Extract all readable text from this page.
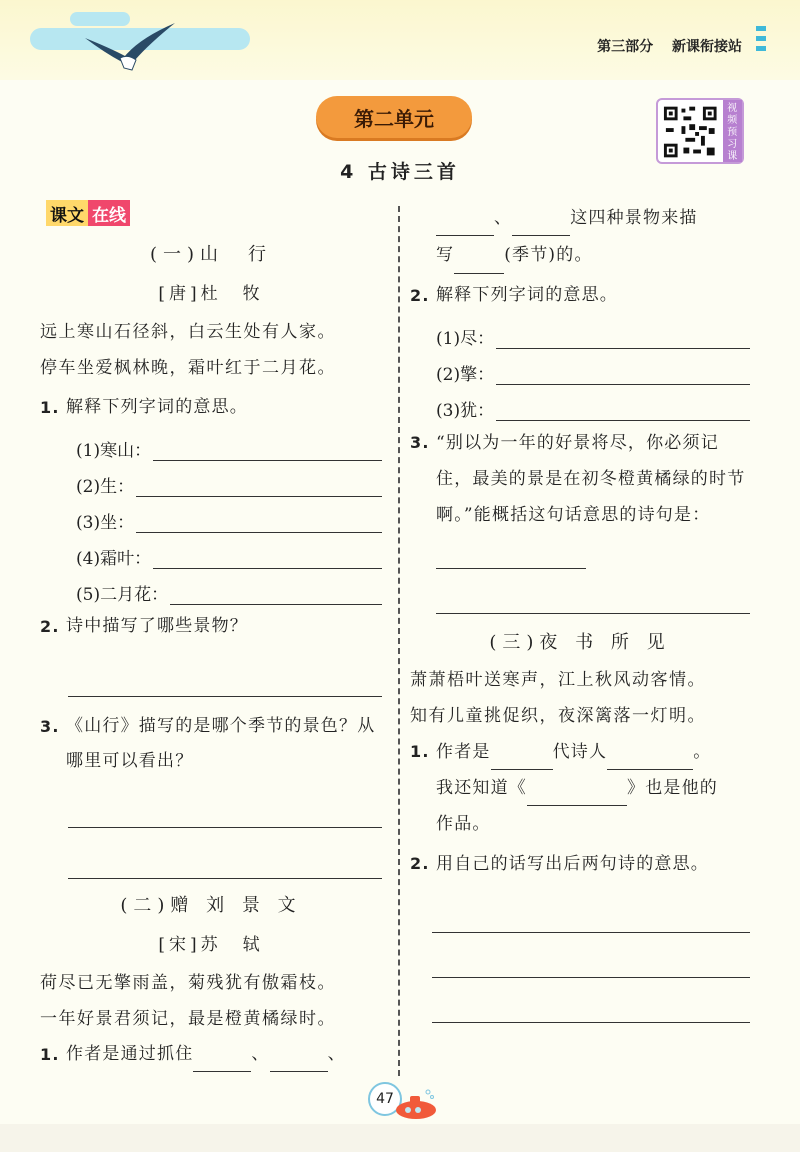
第三部分 新课衔接站
第二单元	视频预习课
4 古诗三首
课文 在线
(一)山　行
[唐]杜　牧
远上寒山石径斜，白云生处有人家。
停车坐爱枫林晚，霜叶红于二月花。
1. 解释下列字词的意思。
(1)寒山：
(2)生：
(3)坐：
(4)霜叶：
(5)二月花：
2. 诗中描写了哪些景物？
3. 《山行》描写的是哪个季节的景色？从哪里可以看出？
(二)赠 刘 景 文
[宋]苏　轼
荷尽已无擎雨盖，菊残犹有傲霜枝。
一年好景君须记，最是橙黄橘绿时。
1. 作者是通过抓住	、	、
、	这四种景物来描
写	(季节)的。
2. 解释下列字词的意思。
(1)尽：
(2)擎：
(3)犹：
3. “别以为一年的好景将尽，你必须记住，最美的景是在初冬橙黄橘绿的时节啊。”能概括这句话意思的诗句是：
(三)夜 书 所 见
萧萧梧叶送寒声，江上秋风动客情。
知有儿童挑促织，夜深篱落一灯明。
1. 作者是	代诗人	。
我还知道《	》也是他的
作品。
2. 用自己的话写出后两句诗的意思。
47
